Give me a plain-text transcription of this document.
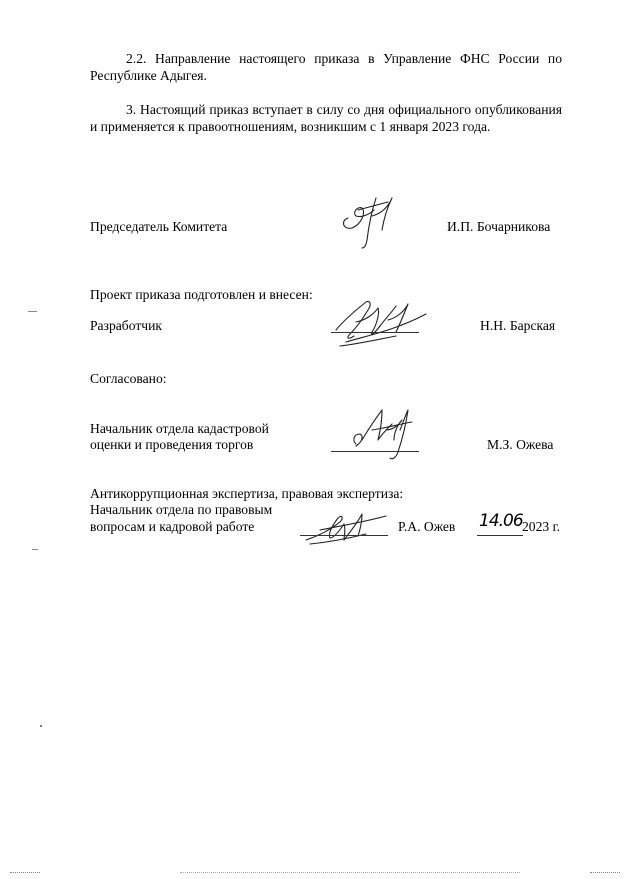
2.2. Направление настоящего приказа в Управление ФНС России по Республике Адыгея.
3. Настоящий приказ вступает в силу со дня официального опубликования и применяется к правоотношениям, возникшим с 1 января 2023 года.
Председатель Комитета	И.П. Бочарникова
Проект приказа подготовлен и внесен:
Разработчик	Н.Н. Барская
Согласовано:
Начальник отдела кадастровой
оценки и проведения торгов	М.З. Ожева
Антикоррупционная экспертиза, правовая экспертиза:
Начальник отдела по правовым
вопросам и кадровой работе	Р.А. Ожев 14.06 2023 г.
